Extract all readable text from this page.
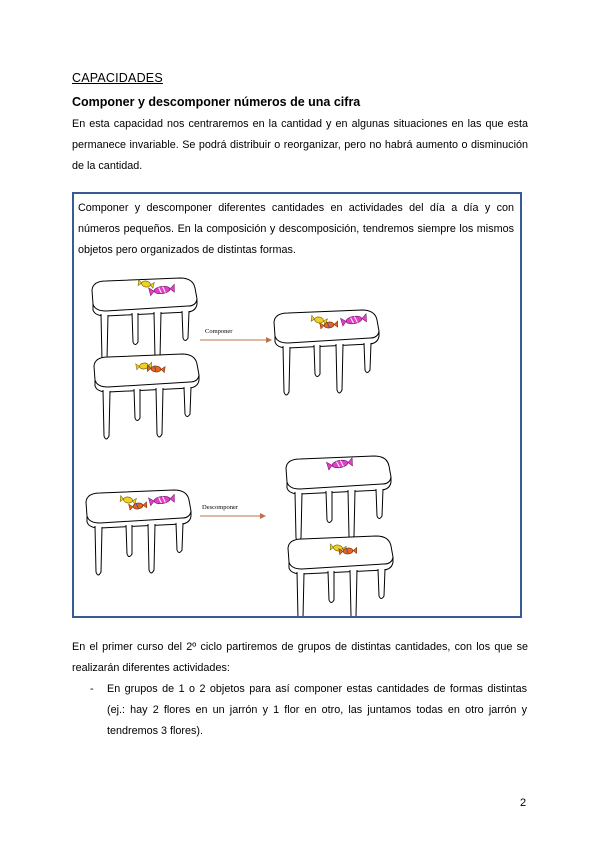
CAPACIDADES
Componer y descomponer números de una cifra
En esta capacidad nos centraremos en la cantidad y en algunas situaciones en las que esta permanece invariable. Se podrá distribuir o reorganizar, pero no habrá aumento o disminución de la cantidad.
Componer y descomponer diferentes cantidades en actividades del día a día y con números pequeños. En la composición y descomposición, tendremos siempre los mismos objetos pero organizados de distintas formas.
Componer
Descomponer
En el primer curso del 2º ciclo partiremos de grupos de distintas cantidades, con los que se realizarán diferentes actividades:
- En grupos de 1 o 2 objetos para así componer estas cantidades de formas distintas (ej.: hay 2 flores en un jarrón y 1 flor en otro, las juntamos todas en otro jarrón y tendremos 3 flores).
2
